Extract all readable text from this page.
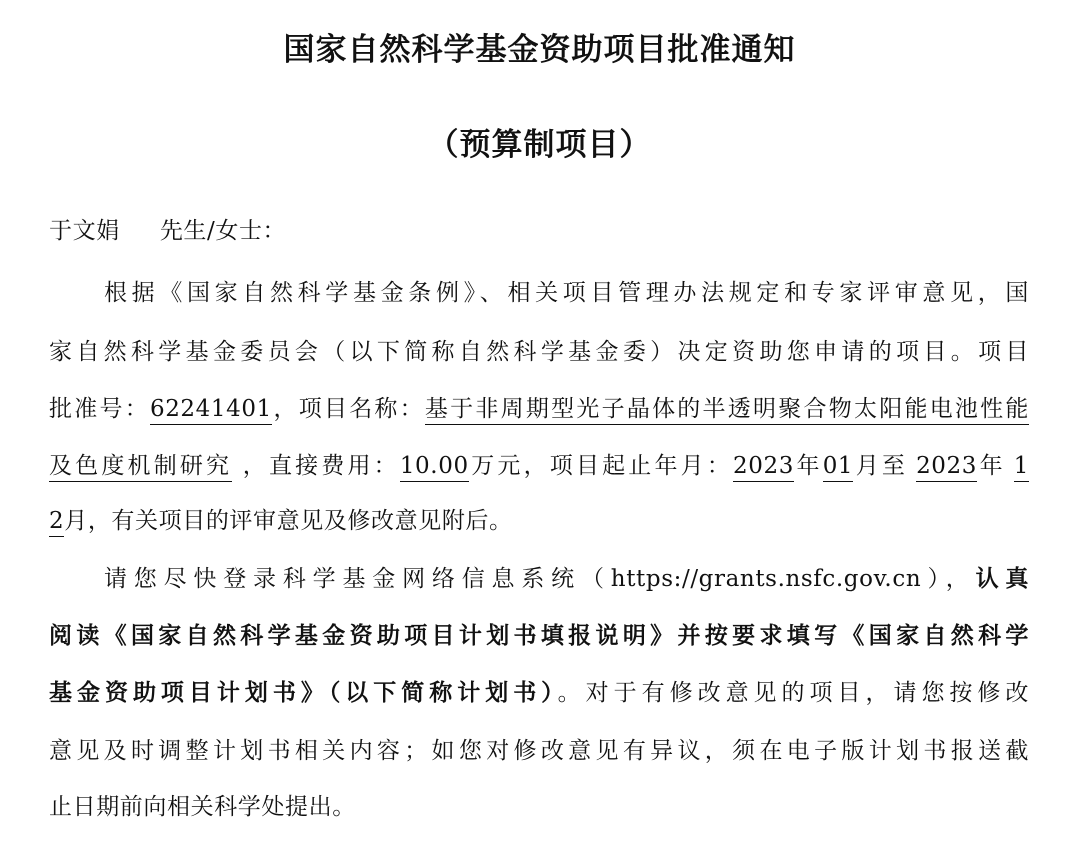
国家自然科学基金资助项目批准通知
（预算制项目）
于文娟 先生/女士：
根据《国家自然科学基金条例》、相关项目管理办法规定和专家评审意见，国
家自然科学基金委员会（以下简称自然科学基金委）决定资助您申请的项目。项目
批准号：62241401，项目名称：基于非周期型光子晶体的半透明聚合物太阳能电池性能
及色度机制研究 ，直接费用：10.00万元，项目起止年月：2023年01月至 2023年 1
2月，有关项目的评审意见及修改意见附后。
请您尽快登录科学基金网络信息系统（https://grants.nsfc.gov.cn），认真
阅读《国家自然科学基金资助项目计划书填报说明》并按要求填写《国家自然科学
基金资助项目计划书》（以下简称计划书）。对于有修改意见的项目，请您按修改
意见及时调整计划书相关内容；如您对修改意见有异议，须在电子版计划书报送截
止日期前向相关科学处提出。
